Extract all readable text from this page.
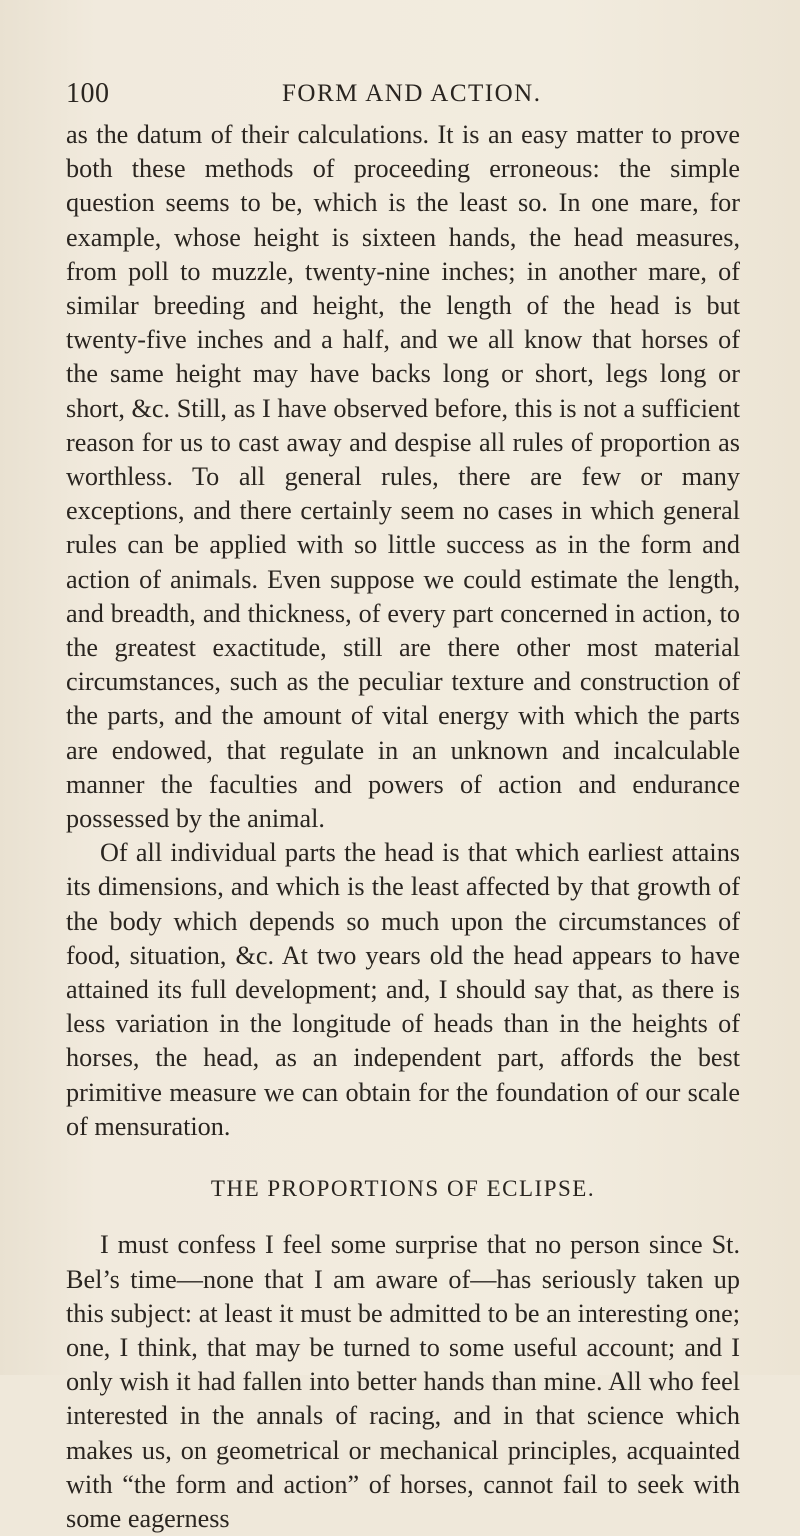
100	FORM AND ACTION.

as the datum of their calculations. It is an easy matter to prove both these methods of proceeding erroneous: the simple question seems to be, which is the least so. In one mare, for example, whose height is sixteen hands, the head measures, from poll to muzzle, twenty-nine inches; in another mare, of similar breeding and height, the length of the head is but twenty-five inches and a half, and we all know that horses of the same height may have backs long or short, legs long or short, &c. Still, as I have observed before, this is not a sufficient reason for us to cast away and despise all rules of proportion as worthless. To all general rules, there are few or many exceptions, and there certainly seem no cases in which general rules can be applied with so little success as in the form and action of animals. Even suppose we could estimate the length, and breadth, and thickness, of every part concerned in action, to the greatest exactitude, still are there other most material circumstances, such as the peculiar texture and construction of the parts, and the amount of vital energy with which the parts are endowed, that regulate in an unknown and incalculable manner the faculties and powers of action and endurance possessed by the animal.

Of all individual parts the head is that which earliest attains its dimensions, and which is the least affected by that growth of the body which depends so much upon the circumstances of food, situation, &c. At two years old the head appears to have attained its full development; and, I should say that, as there is less variation in the longitude of heads than in the heights of horses, the head, as an independent part, affords the best primitive measure we can obtain for the foundation of our scale of mensuration.

THE PROPORTIONS OF ECLIPSE.

I must confess I feel some surprise that no person since St. Bel’s time—none that I am aware of—has seriously taken up this subject: at least it must be admitted to be an interesting one; one, I think, that may be turned to some useful account; and I only wish it had fallen into better hands than mine. All who feel interested in the annals of racing, and in that science which makes us, on geometrical or mechanical principles, acquainted with “the form and action” of horses, cannot fail to seek with some eagerness
